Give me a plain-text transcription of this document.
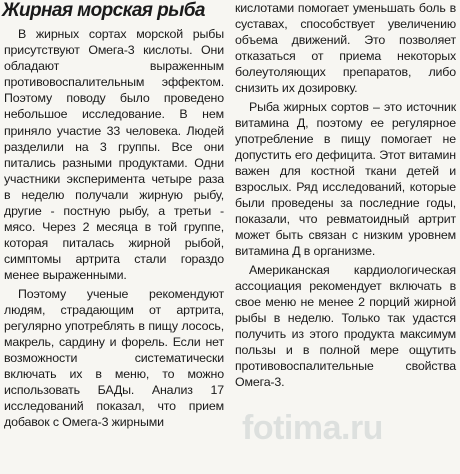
Жирная морская рыба

В жирных сортах морской рыбы присутствуют Омега-3 кислоты. Они обладают выраженным противовоспалительным эффектом. Поэтому поводу было проведено небольшое исследование. В нем приняло участие 33 человека. Людей разделили на 3 группы. Все они питались разными продуктами. Одни участники эксперимента четыре раза в неделю получали жирную рыбу, другие - постную рыбу, а третьи - мясо. Через 2 месяца в той группе, которая питалась жирной рыбой, симптомы артрита стали гораздо менее выраженными.

Поэтому ученые рекомендуют людям, страдающим от артрита, регулярно употреблять в пищу лосось, макрель, сардину и форель. Если нет возможности систематически включать их в меню, то можно использовать БАДы. Анализ 17 исследований показал, что прием добавок с Омега-3 жирными

кислотами помогает уменьшать боль в суставах, способствует увеличению объема движений. Это позволяет отказаться от приема некоторых болеутоляющих препаратов, либо снизить их дозировку.

Рыба жирных сортов – это источник витамина Д, поэтому ее регулярное употребление в пищу помогает не допустить его дефицита. Этот витамин важен для костной ткани детей и взрослых. Ряд исследований, которые были проведены за последние годы, показали, что ревматоидный артрит может быть связан с низким уровнем витамина Д в организме.

Американская кардиологическая ассоциация рекомендует включать в свое меню не менее 2 порций жирной рыбы в неделю. Только так удастся получить из этого продукта максимум пользы и в полной мере ощутить противовоспалительные свойства Омега-3.

fotima.ru
